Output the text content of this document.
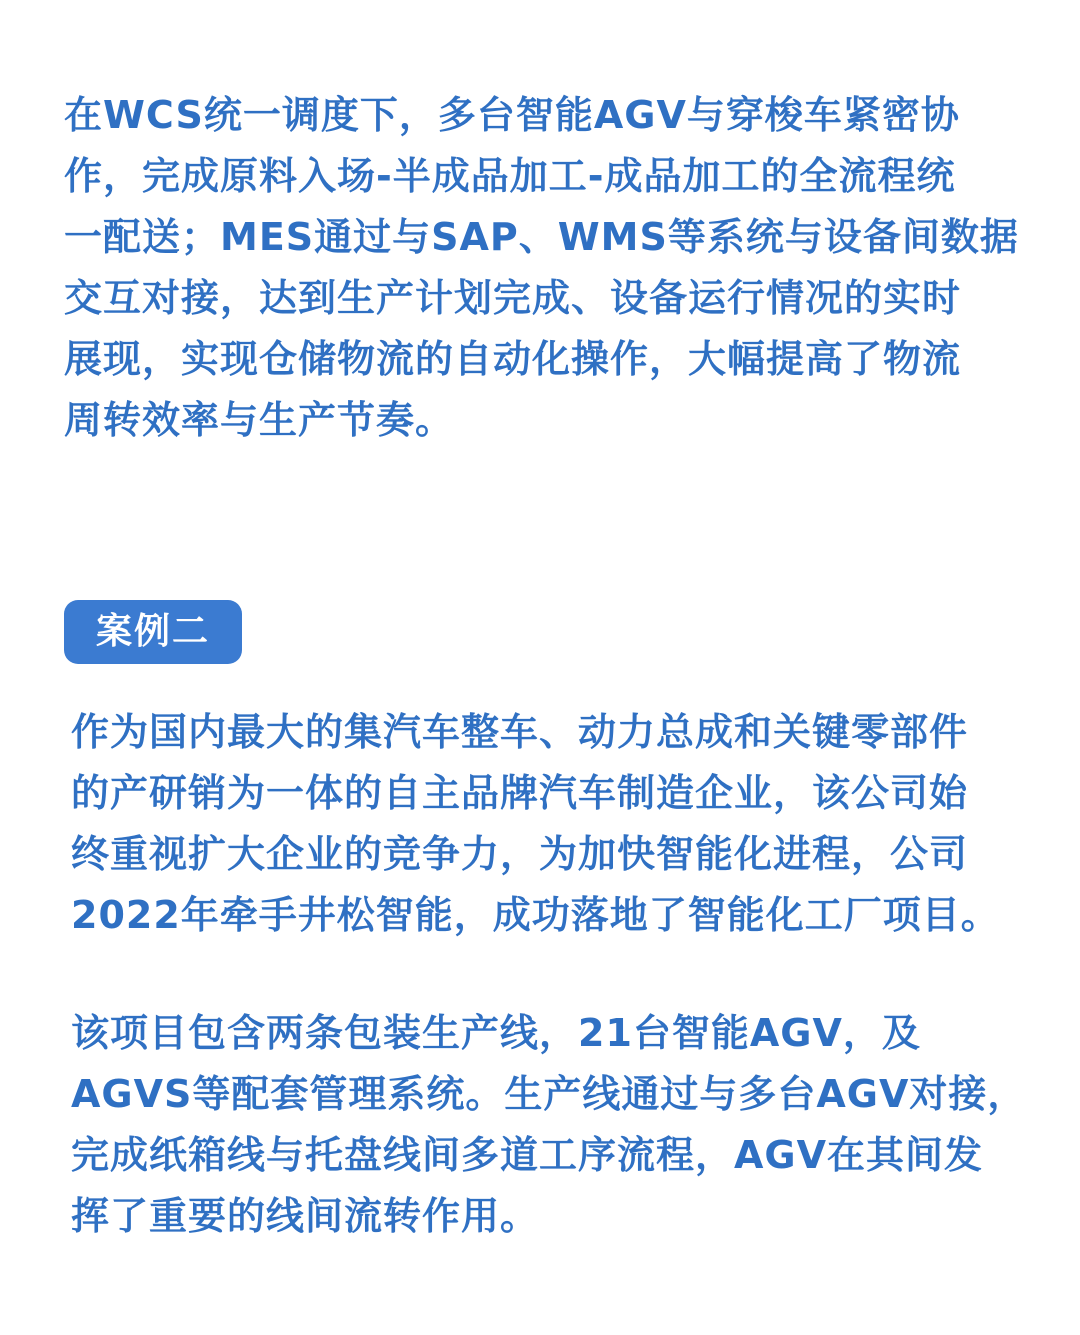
在WCS统一调度下，多台智能AGV与穿梭车紧密协
作，完成原料入场-半成品加工-成品加工的全流程统
一配送；MES通过与SAP、WMS等系统与设备间数据
交互对接，达到生产计划完成、设备运行情况的实时
展现，实现仓储物流的自动化操作，大幅提高了物流
周转效率与生产节奏。
案例二
作为国内最大的集汽车整车、动力总成和关键零部件
的产研销为一体的自主品牌汽车制造企业，该公司始
终重视扩大企业的竞争力，为加快智能化进程，公司
2022年牵手井松智能，成功落地了智能化工厂项目。
该项目包含两条包装生产线，21台智能AGV，及
AGVS等配套管理系统。生产线通过与多台AGV对接，
完成纸箱线与托盘线间多道工序流程，AGV在其间发
挥了重要的线间流转作用。
